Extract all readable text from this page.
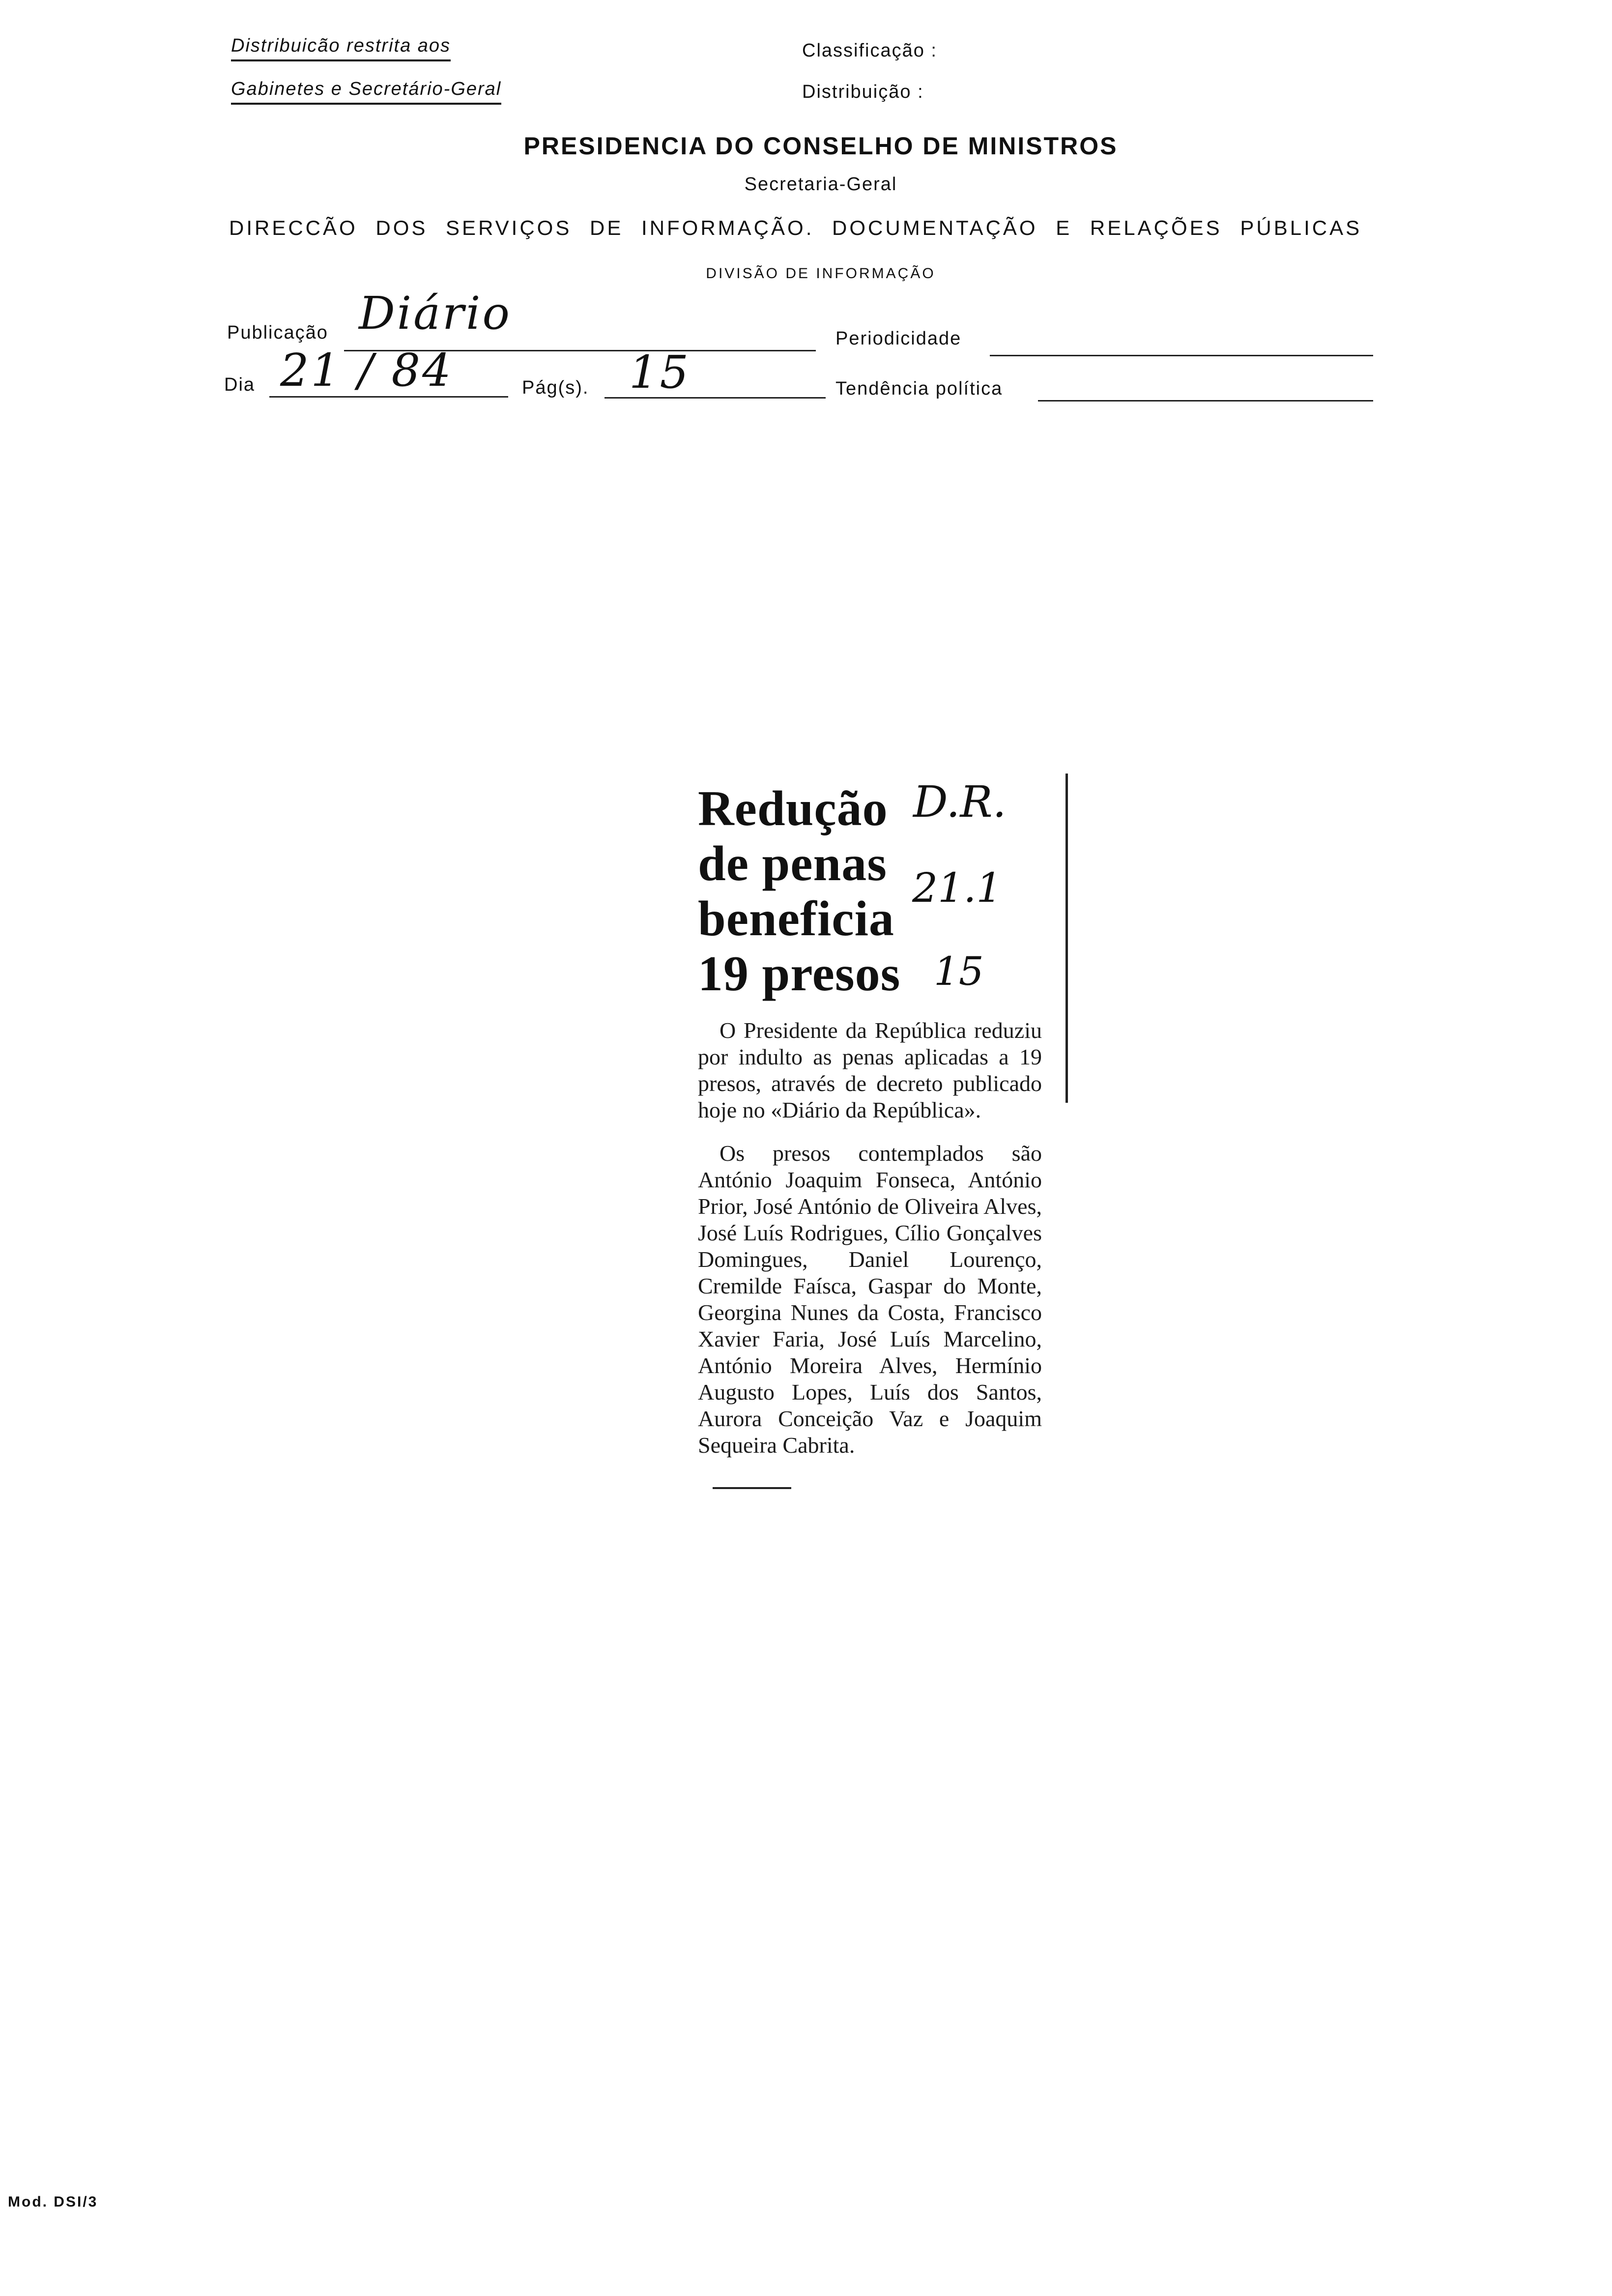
Distribuicão restrita aos
Gabinetes e Secretário-Geral
Classificação :
Distribuição :
PRESIDENCIA DO CONSELHO DE MINISTROS
Secretaria-Geral
DIRECCÃO DOS SERVIÇOS DE INFORMAÇÃO. DOCUMENTAÇÃO E RELAÇÕES PÚBLICAS
DIVISÃO DE INFORMAÇÃO
Publicação Diário	Periodicidade
Dia 21 / 84	Pág(s). 15	Tendência política
Redução
de penas
beneficia
19 presos

O Presidente da República reduziu por indulto as penas aplicadas a 19 presos, através de decreto publicado hoje no «Diário da República».

Os presos contemplados são António Joaquim Fonseca, António Prior, José António de Oliveira Alves, José Luís Rodrigues, Cílio Gonçalves Domingues, Daniel Lourenço, Cremilde Faísca, Gaspar do Monte, Georgina Nunes da Costa, Francisco Xavier Faria, José Luís Marcelino, António Moreira Alves, Hermínio Augusto Lopes, Luís dos Santos, Aurora Conceição Vaz e Joaquim Sequeira Cabrita.

D.R.
21.1
15
Mod. DSI/3
